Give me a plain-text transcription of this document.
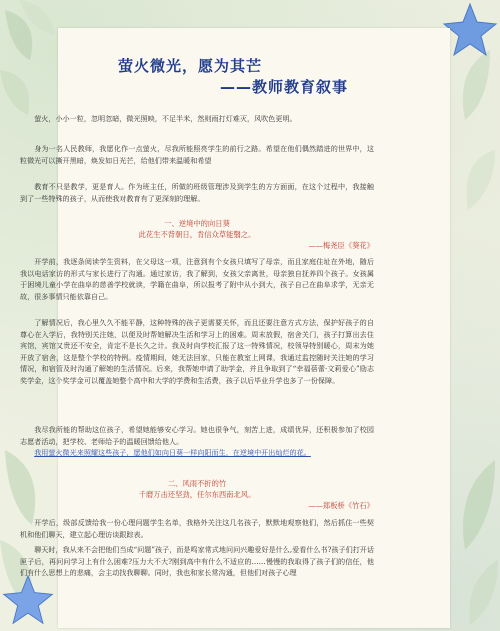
萤火微光，愿为其芒
——教师教育叙事

萤火，小小一粒，忽明忽暗，微光照映，不足半米，然则雨打灯难灭，风吹色更明。

身为一名人民教师，我愿化作一点萤火，尽我所能照亮学生的前行之路。希望在他们偶然踏进的世界中，这粒微光可以撕开黑暗，焕发如日光芒，给他们带来温暖和希望

教育不只是教学，更是育人。作为班主任，所做的班级管理涉及到学生的方方面面，在这个过程中，我接触到了一些特殊的孩子，从而使我对教育有了更深刻的理解。

一、逆境中的向日葵

此花生不背朝日，肯信众草能翳之。

——梅尧臣《葵花》

开学前，我逐条阅读学生资料，在父母这一项，注意到有个女孩只填写了母亲，而且家庭住址在外地，随后我以电话家访的形式与家长进行了沟通。通过家访，我了解到，女孩父亲离世，母亲独自抚养四个孩子。女孩属于困境儿童小学在曲阜的慈善学校就读，学籍在曲阜，所以报考了附中从小到大，孩子自己在曲阜求学，无亲无故，很多事情只能依靠自己。

了解情况后，我心里久久不能平静，这种特殊的孩子更需要关怀，而且还要注意方式方法，保护好孩子的自尊心在入学后，我特别关注她，以便及时帮她解决生活和学习上的困难。周末放假，宿舍关门，孩子打算出去住宾馆，宾馆又贵还不安全，肯定不是长久之计。我及时向学校汇报了这一特殊情况，校领导特别暖心，周末为她开放了宿舍，这是整个学校的特例。疫情期间，她无法回家，只能在教室上网课，我通过监控随时关注她的学习情况，和宿管及时沟通了解她的生活情况。后来，我帮她申请了助学金，并且争取到了“幸福蓓蕾·文莉爱心”励志奖学金，这个奖学金可以覆盖她整个高中和大学的学费和生活费，孩子以后毕业升学也多了一份保障。

我尽我所能的帮助这位孩子，希望她能够安心学习。她也很争气，刻苦上进，成绩优异，还积极参加了校园志愿者活动，把学校、老师给予的温暖回馈给他人。

我用萤火微光来照耀这些孩子，愿他们如向日葵一样向阳而生，在逆境中开出灿烂的花。

二、风雨不折的竹

千磨万击还坚劲，任尔东西南北风。

——郑板桥《竹石》

开学后，级部反馈给我一份心理问题学生名单，我格外关注这几名孩子，默默地观察他们，然后抓住一些契机和他们聊天，建立起心理访谈跟踪表。

聊天时，我从来不会把他们当成“问题”孩子，而是鸣家常式地问问兴趣爱好是什么,爱看什么书?孩子们打开话匣子后，再问问学习上有什么困难?压力大不大?刚到高中有什么不适应的……慢慢的我取得了孩子们的信任，他们有什么思想上的悲痛，会主动找我聊聊。同时，我也和家长常沟通，但他们对孩子心理
